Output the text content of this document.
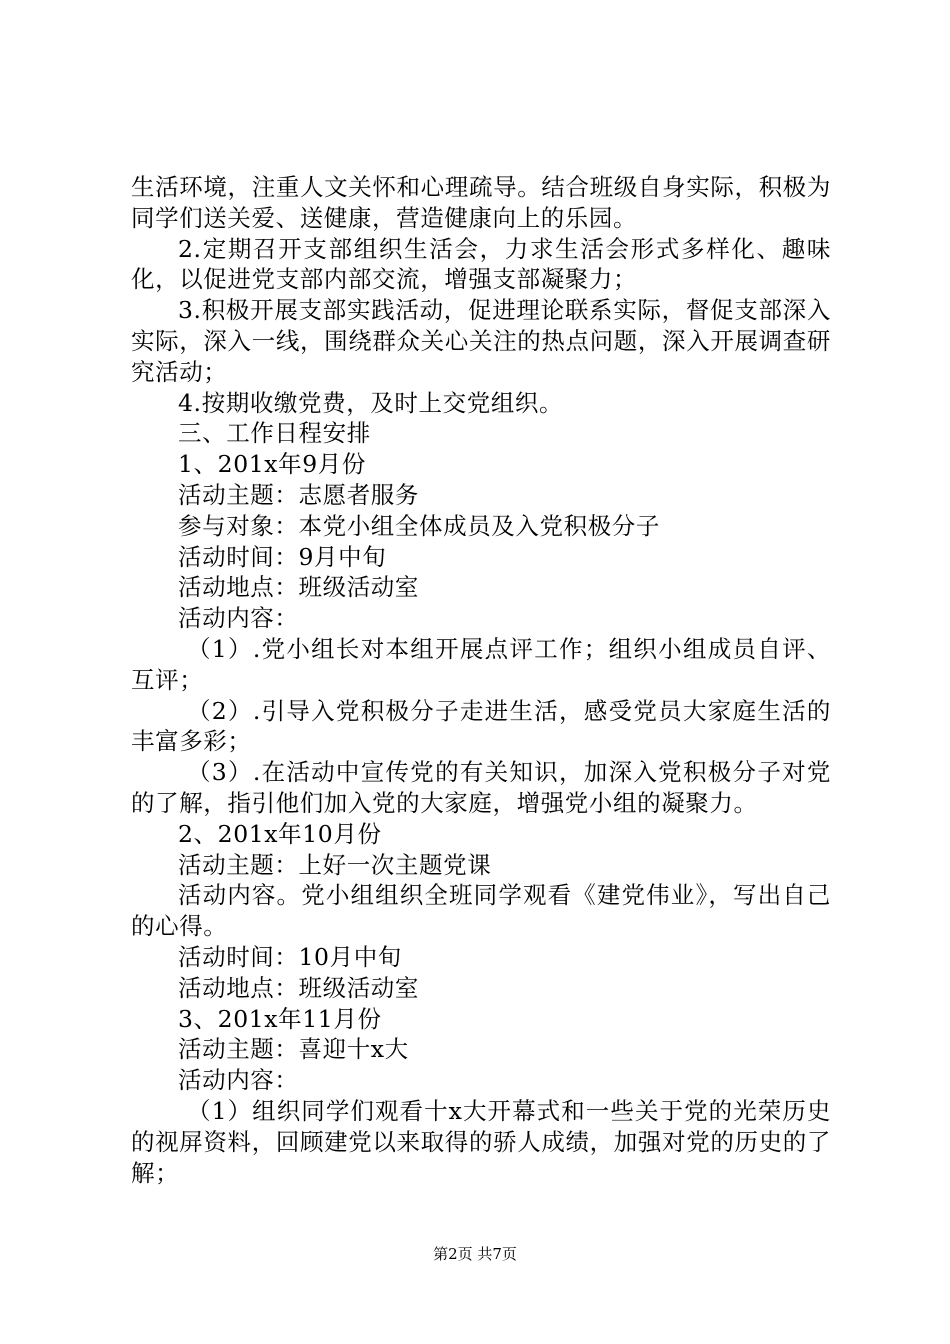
生活环境，注重人文关怀和心理疏导。结合班级自身实际，积极为同学们送关爱、送健康，营造健康向上的乐园。

2.定期召开支部组织生活会，力求生活会形式多样化、趣味化，以促进党支部内部交流，增强支部凝聚力；

3.积极开展支部实践活动，促进理论联系实际，督促支部深入实际，深入一线，围绕群众关心关注的热点问题，深入开展调查研究活动；

4.按期收缴党费，及时上交党组织。

三、工作日程安排

1、201x年9月份

活动主题：志愿者服务

参与对象：本党小组全体成员及入党积极分子

活动时间：9月中旬

活动地点：班级活动室

活动内容：

（1）.党小组长对本组开展点评工作；组织小组成员自评、互评；

（2）.引导入党积极分子走进生活，感受党员大家庭生活的丰富多彩；

（3）.在活动中宣传党的有关知识，加深入党积极分子对党的了解，指引他们加入党的大家庭，增强党小组的凝聚力。

2、201x年10月份

活动主题：上好一次主题党课

活动内容。党小组组织全班同学观看《建党伟业》，写出自己的心得。

活动时间：10月中旬

活动地点：班级活动室

3、201x年11月份

活动主题：喜迎十x大

活动内容：

（1）组织同学们观看十x大开幕式和一些关于党的光荣历史的视屏资料，回顾建党以来取得的骄人成绩，加强对党的历史的了解；

第2页 共7页
